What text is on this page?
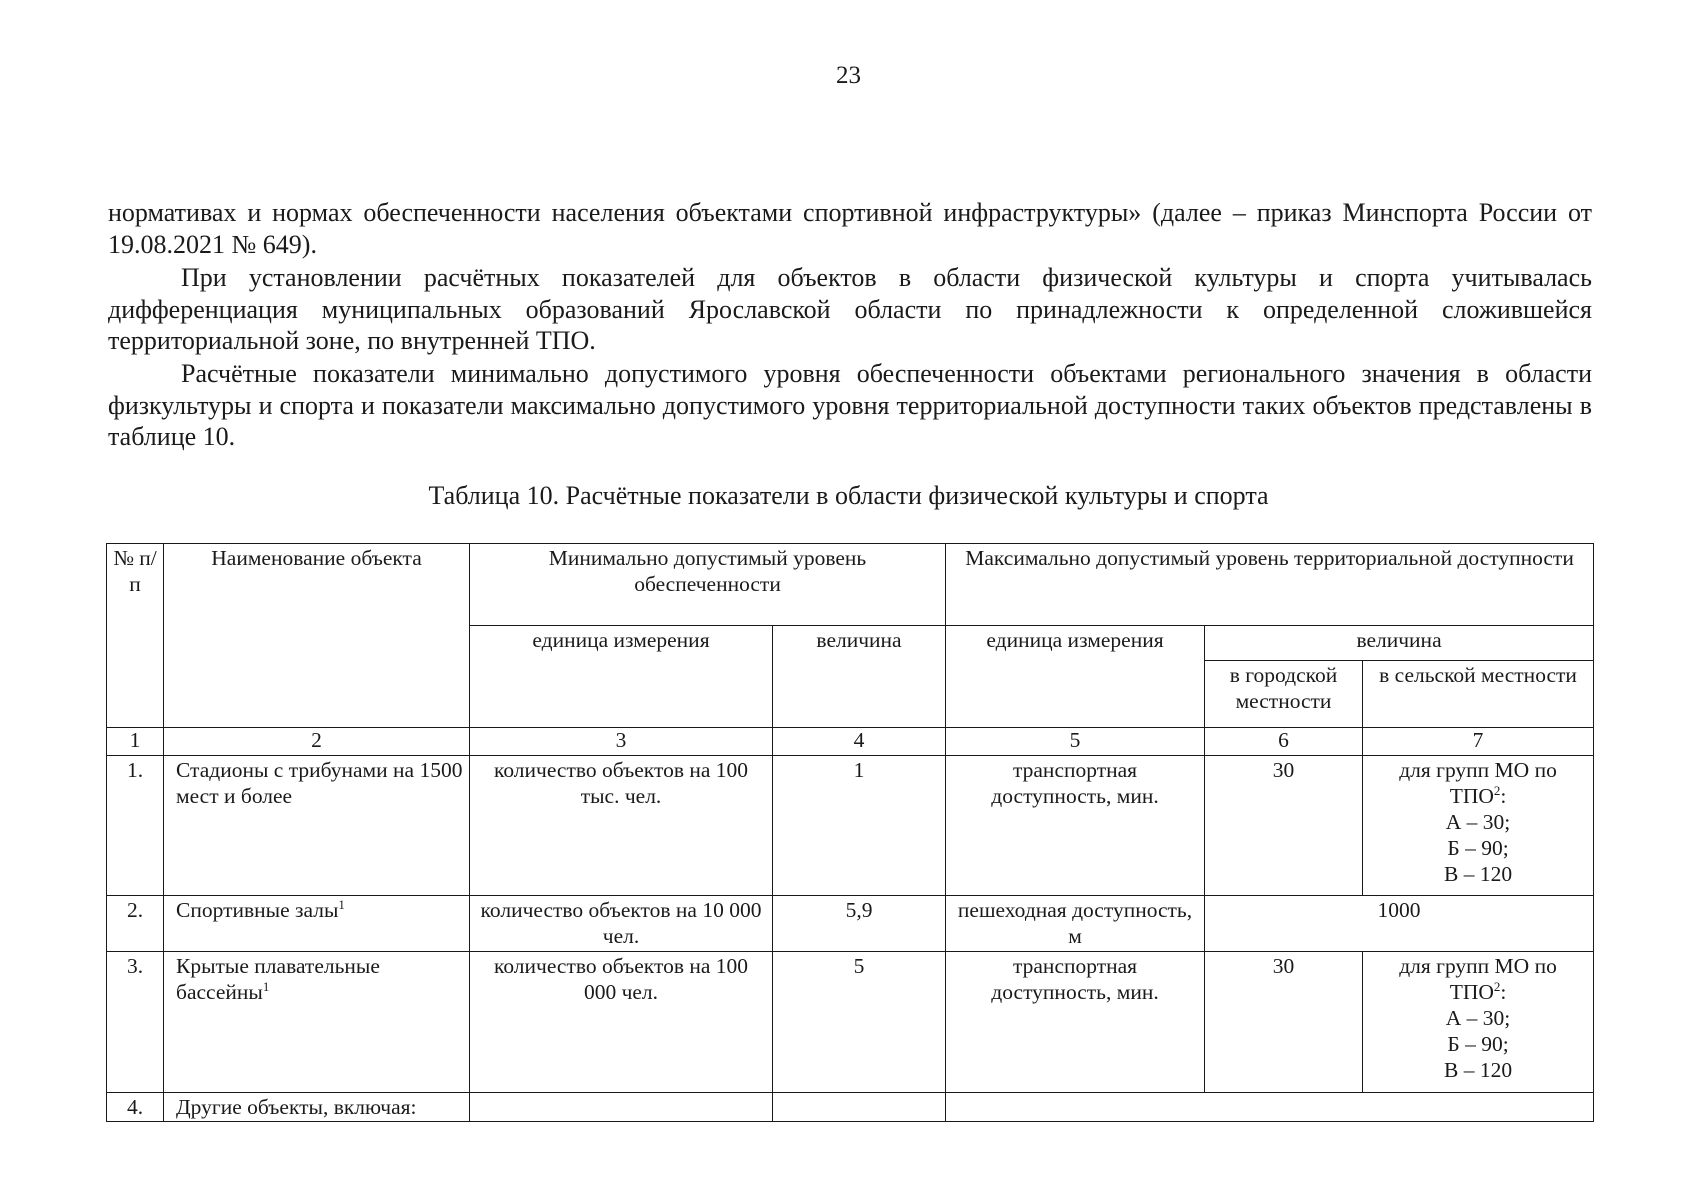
23

нормативах и нормах обеспеченности населения объектами спортивной инфраструктуры» (далее – приказ Минспорта России от 19.08.2021 № 649).

При установлении расчётных показателей для объектов в области физической культуры и спорта учитывалась дифференциация муниципальных образований Ярославской области по принадлежности к определенной сложившейся территориальной зоне, по внутренней ТПО.

Расчётные показатели минимально допустимого уровня обеспеченности объектами регионального значения в области физкультуры и спорта и показатели максимально допустимого уровня территориальной доступности таких объектов представлены в таблице 10.

Таблица 10. Расчётные показатели в области физической культуры и спорта
№ п/п	Наименование объекта	Минимально допустимый уровень обеспеченности		Максимально допустимый уровень территориальной доступности		
		единица измерения	величина	единица измерения	величина	
					в городской местности	в сельской местности
1	2	3	4	5	6	7
1.	Стадионы с трибунами на 1500 мест и более	количество объектов на 100 тыс. чел.	1	транспортная доступность, мин.	30	для групп МО по ТПО$^2$:
А – 30;
Б – 90;
В – 120

2.	Спортивные залы$^1$	количество объектов на 10 000 чел.	5,9	пешеходная доступность, м	1000	
3.	Крытые плавательные бассейны$^1$	количество объектов на 100 000 чел.	5	транспортная доступность, мин.	30	для групп МО по ТПО$^2$:
А – 30;
Б – 90;
В – 120

4.	Другие объекты, включая:					
